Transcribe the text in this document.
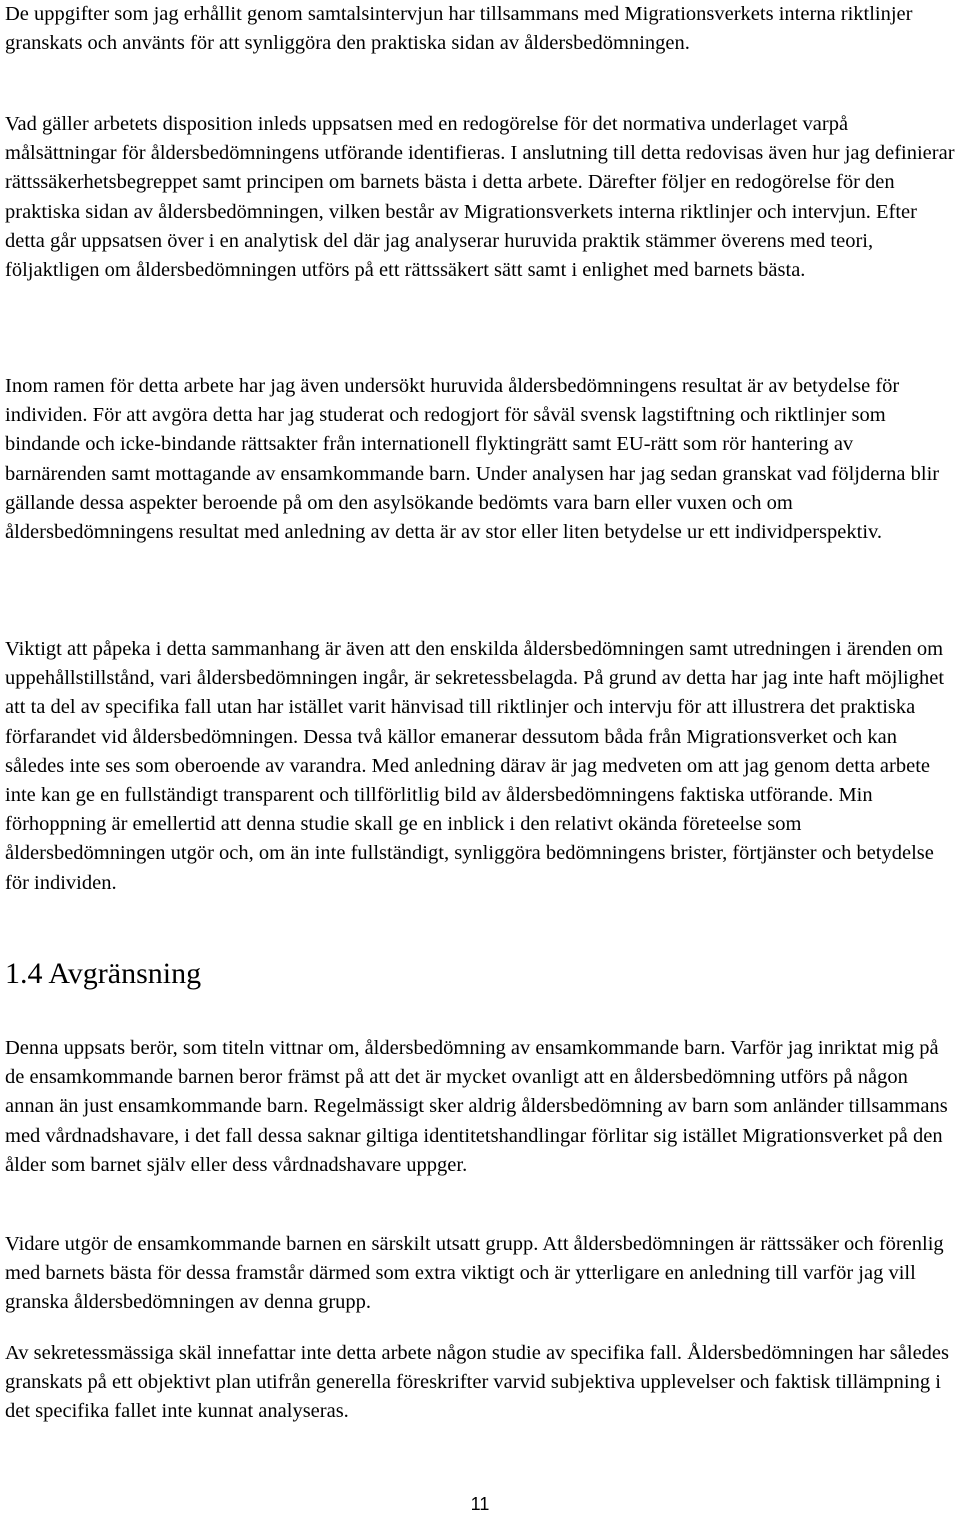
De uppgifter som jag erhållit genom samtalsintervjun har tillsammans med Migrationsverkets interna riktlinjer granskats och använts för att synliggöra den praktiska sidan av åldersbedömningen.

Vad gäller arbetets disposition inleds uppsatsen med en redogörelse för det normativa underlaget varpå målsättningar för åldersbedömningens utförande identifieras. I anslutning till detta redovisas även hur jag definierar rättssäkerhetsbegreppet samt principen om barnets bästa i detta arbete. Därefter följer en redogörelse för den praktiska sidan av åldersbedömningen, vilken består av Migrationsverkets interna riktlinjer och intervjun. Efter detta går uppsatsen över i en analytisk del där jag analyserar huruvida praktik stämmer överens med teori, följaktligen om åldersbedömningen utförs på ett rättssäkert sätt samt i enlighet med barnets bästa.

Inom ramen för detta arbete har jag även undersökt huruvida åldersbedömningens resultat är av betydelse för individen. För att avgöra detta har jag studerat och redogjort för såväl svensk lagstiftning och riktlinjer som bindande och icke-bindande rättsakter från internationell flyktingrätt samt EU-rätt som rör hantering av barnärenden samt mottagande av ensamkommande barn. Under analysen har jag sedan granskat vad följderna blir gällande dessa aspekter beroende på om den asylsökande bedömts vara barn eller vuxen och om åldersbedömningens resultat med anledning av detta är av stor eller liten betydelse ur ett individperspektiv.

Viktigt att påpeka i detta sammanhang är även att den enskilda åldersbedömningen samt utredningen i ärenden om uppehållstillstånd, vari åldersbedömningen ingår, är sekretessbelagda. På grund av detta har jag inte haft möjlighet att ta del av specifika fall utan har istället varit hänvisad till riktlinjer och intervju för att illustrera det praktiska förfarandet vid åldersbedömningen. Dessa två källor emanerar dessutom båda från Migrationsverket och kan således inte ses som oberoende av varandra. Med anledning därav är jag medveten om att jag genom detta arbete inte kan ge en fullständigt transparent och tillförlitlig bild av åldersbedömningens faktiska utförande. Min förhoppning är emellertid att denna studie skall ge en inblick i den relativt okända företeelse som åldersbedömningen utgör och, om än inte fullständigt, synliggöra bedömningens brister, förtjänster och betydelse för individen.

1.4 Avgränsning

Denna uppsats berör, som titeln vittnar om, åldersbedömning av ensamkommande barn. Varför jag inriktat mig på de ensamkommande barnen beror främst på att det är mycket ovanligt att en åldersbedömning utförs på någon annan än just ensamkommande barn. Regelmässigt sker aldrig åldersbedömning av barn som anländer tillsammans med vårdnadshavare, i det fall dessa saknar giltiga identitetshandlingar förlitar sig istället Migrationsverket på den ålder som barnet själv eller dess vårdnadshavare uppger.

Vidare utgör de ensamkommande barnen en särskilt utsatt grupp. Att åldersbedömningen är rättssäker och förenlig med barnets bästa för dessa framstår därmed som extra viktigt och är ytterligare en anledning till varför jag vill granska åldersbedömningen av denna grupp.

Av sekretessmässiga skäl innefattar inte detta arbete någon studie av specifika fall. Åldersbedömningen har således granskats på ett objektivt plan utifrån generella föreskrifter varvid subjektiva upplevelser och faktisk tillämpning i det specifika fallet inte kunnat analyseras.

11
